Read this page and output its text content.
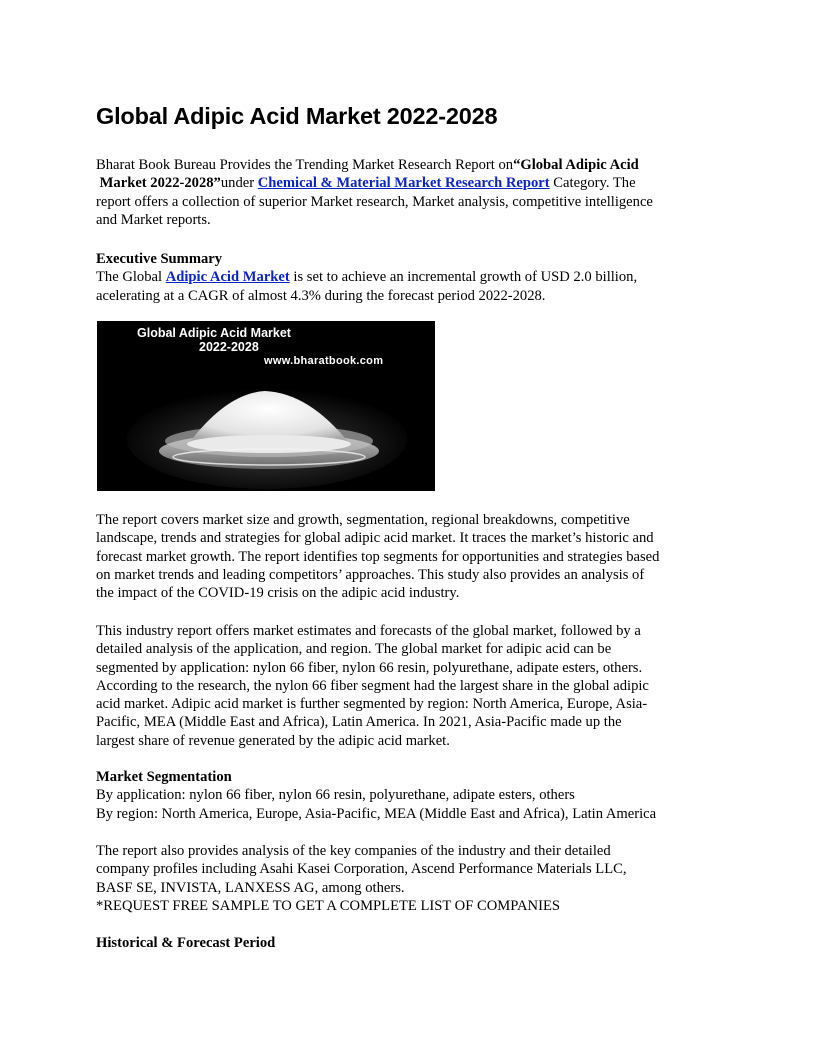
Global Adipic Acid Market 2022-2028

Bharat Book Bureau Provides the Trending Market Research Report on“Global Adipic Acid

Market 2022-2028”under Chemical & Material Market Research Report Category. The

report offers a collection of superior Market research, Market analysis, competitive intelligence

and Market reports.

Executive Summary

The Global Adipic Acid Market is set to achieve an incremental growth of USD 2.0 billion,

acelerating at a CAGR of almost 4.3% during the forecast period 2022-2028.

The report covers market size and growth, segmentation, regional breakdowns, competitive

landscape, trends and strategies for global adipic acid market. It traces the market’s historic and

forecast market growth. The report identifies top segments for opportunities and strategies based

on market trends and leading competitors’ approaches. This study also provides an analysis of

the impact of the COVID-19 crisis on the adipic acid industry.

This industry report offers market estimates and forecasts of the global market, followed by a

detailed analysis of the application, and region. The global market for adipic acid can be

segmented by application: nylon 66 fiber, nylon 66 resin, polyurethane, adipate esters, others.

According to the research, the nylon 66 fiber segment had the largest share in the global adipic

acid market. Adipic acid market is further segmented by region: North America, Europe, Asia-

Pacific, MEA (Middle East and Africa), Latin America. In 2021, Asia-Pacific made up the

largest share of revenue generated by the adipic acid market.

Market Segmentation

By application: nylon 66 fiber, nylon 66 resin, polyurethane, adipate esters, others

By region: North America, Europe, Asia-Pacific, MEA (Middle East and Africa), Latin America

The report also provides analysis of the key companies of the industry and their detailed

company profiles including Asahi Kasei Corporation, Ascend Performance Materials LLC,

BASF SE, INVISTA, LANXESS AG, among others.

*REQUEST FREE SAMPLE TO GET A COMPLETE LIST OF COMPANIES

Historical & Forecast Period

Global Adipic Acid Market
2022-2028
www.bharatbook.com
